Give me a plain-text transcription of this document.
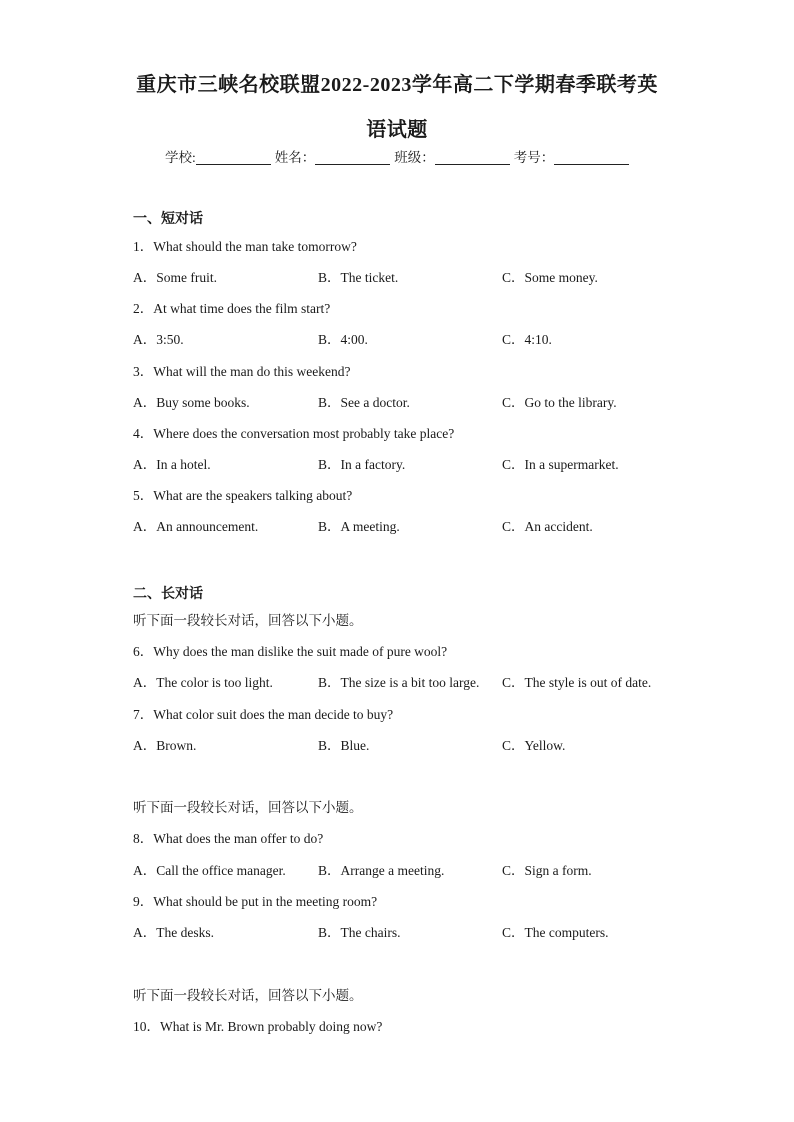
重庆市三峡名校联盟2022-2023学年高二下学期春季联考英
语试题
学校:	姓名：	班级：	考号：
一、短对话
1．What should the man take tomorrow?
A．Some fruit.	B．The ticket.	C．Some money.
2．At what time does the film start?
A．3:50.	B．4:00.	C．4:10.
3．What will the man do this weekend?
A．Buy some books.	B．See a doctor.	C．Go to the library.
4．Where does the conversation most probably take place?
A．In a hotel.	B．In a factory.	C．In a supermarket.
5．What are the speakers talking about?
A．An announcement.	B．A meeting.	C．An accident.
二、长对话
听下面一段较长对话，回答以下小题。
6．Why does the man dislike the suit made of pure wool?
A．The color is too light.	B．The size is a bit too large. C．The style is out of date.
7．What color suit does the man decide to buy?
A．Brown.	B．Blue.	C．Yellow.
听下面一段较长对话，回答以下小题。
8．What does the man offer to do?
A．Call the office manager. B．Arrange a meeting.	C．Sign a form.
9．What should be put in the meeting room?
A．The desks.	B．The chairs.	C．The computers.
听下面一段较长对话，回答以下小题。
10．What is Mr. Brown probably doing now?
